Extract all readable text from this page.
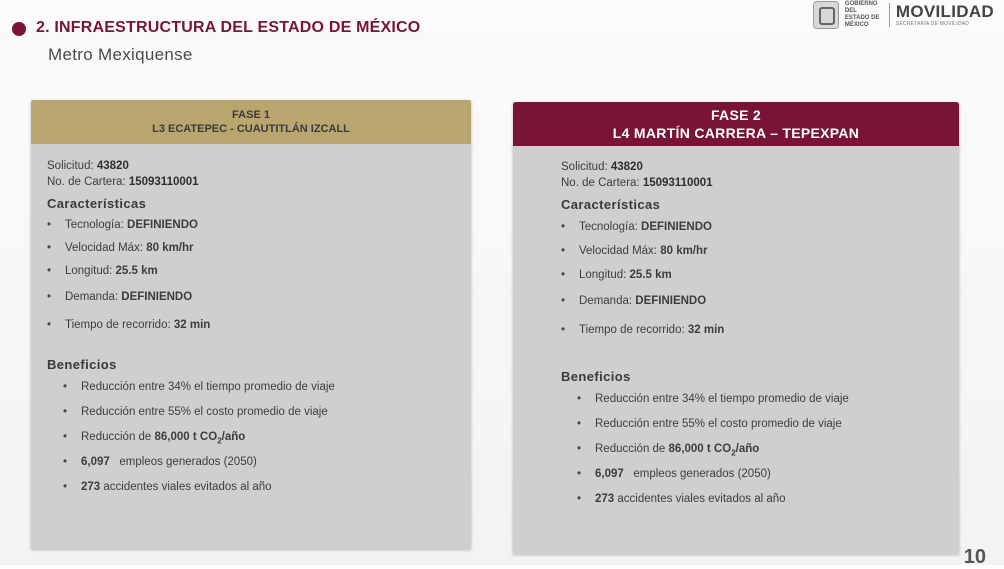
2. INFRAESTRUCTURA DEL ESTADO DE MÉXICO
Metro Mexiquense
GOBIERNO DEL
ESTADO DE
MÉXICO
MOVILIDAD
SECRETARÍA DE MOVILIDAD
FASE 1
L3 ECATEPEC - CUAUTITLÁN IZCALL
Solicitud: 43820
No. de Cartera: 15093110001
Características
• Tecnología: DEFINIENDO
• Velocidad Máx: 80 km/hr
• Longitud: 25.5 km
• Demanda: DEFINIENDO
• Tiempo de recorrido: 32 min
Beneficios
• Reducción entre 34% el tiempo promedio de viaje
• Reducción entre 55% el costo promedio de viaje
• Reducción de 86,000 t $CO_2$/año
• 6,097 empleos generados (2050)
• 273 accidentes viales evitados al año
FASE 2
L4 MARTÍN CARRERA – TEPEXPAN
Solicitud: 43820
No. de Cartera: 15093110001
Características
• Tecnología: DEFINIENDO
• Velocidad Máx: 80 km/hr
• Longitud: 25.5 km
• Demanda: DEFINIENDO
• Tiempo de recorrido: 32 min
Beneficios
• Reducción entre 34% el tiempo promedio de viaje
• Reducción entre 55% el costo promedio de viaje
• Reducción de 86,000 t $CO_2$/año
• 6,097 empleos generados (2050)
• 273 accidentes viales evitados al año
10
